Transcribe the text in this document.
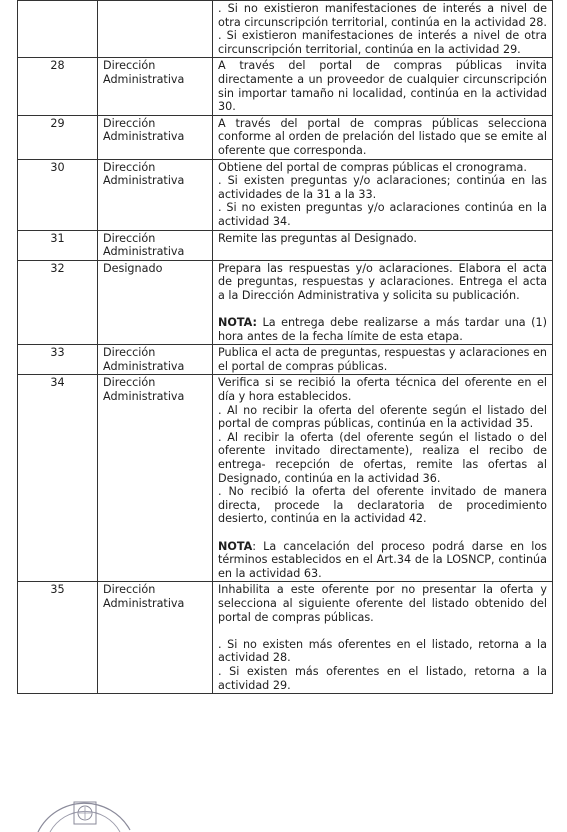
		. Si no existieron manifestaciones de interés a nivel de otra circunscripción territorial, continúa en la actividad 28.
. Si existieron manifestaciones de interés a nivel de otra circunscripción territorial, continúa en la actividad 29.

28	Dirección Administrativa	A través del portal de compras públicas invita directamente a un proveedor de cualquier circunscripción sin importar tamaño ni localidad, continúa en la actividad 30.

29	Dirección Administrativa	A través del portal de compras públicas selecciona conforme al orden de prelación del listado que se emite al oferente que corresponda.

30	Dirección Administrativa	Obtiene del portal de compras públicas el cronograma.
. Si existen preguntas y/o aclaraciones; continúa en las actividades de la 31 a la 33.
. Si no existen preguntas y/o aclaraciones continúa en la actividad 34.

31	Dirección Administrativa	Remite las preguntas al Designado.

32	Designado	Prepara las respuestas y/o aclaraciones. Elabora el acta de preguntas, respuestas y aclaraciones. Entrega el acta a la Dirección Administrativa y solicita su publicación.
NOTA: La entrega debe realizarse a más tardar una (1) hora antes de la fecha límite de esta etapa.

33	Dirección Administrativa	Publica el acta de preguntas, respuestas y aclaraciones en el portal de compras públicas.

34	Dirección Administrativa	Verifica si se recibió la oferta técnica del oferente en el día y hora establecidos.
. Al no recibir la oferta del oferente según el listado del portal de compras públicas, continúa en la actividad 35.
. Al recibir la oferta (del oferente según el listado o del oferente invitado directamente), realiza el recibo de entrega- recepción de ofertas, remite las ofertas al Designado, continúa en la actividad 36.
. No recibió la oferta del oferente invitado de manera directa, procede la declaratoria de procedimiento desierto, continúa en la actividad 42.
NOTA: La cancelación del proceso podrá darse en los términos establecidos en el Art.34 de la LOSNCP, continúa en la actividad 63.

35	Dirección Administrativa	Inhabilita a este oferente por no presentar la oferta y selecciona al siguiente oferente del listado obtenido del portal de compras públicas.
. Si no existen más oferentes en el listado, retorna a la actividad 28.
. Si existen más oferentes en el listado, retorna a la actividad 29.
